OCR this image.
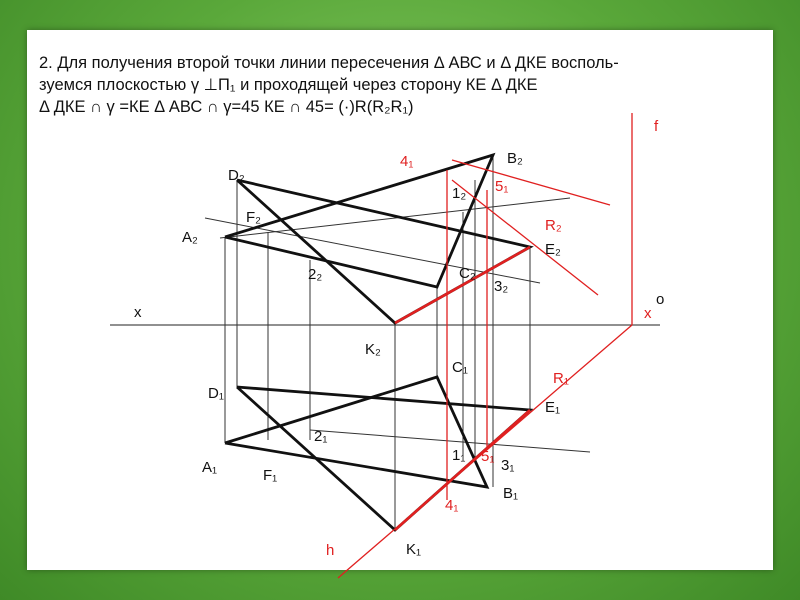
2. Для получения второй точки линии пересечения Δ АВС и Δ ДКЕ восполь-
зуемся плоскостью γ ⊥П₁ и проходящей через сторону КЕ Δ ДКЕ
Δ ДКЕ ∩ γ =КЕ Δ АВС ∩ γ=45 КЕ ∩ 45= (·)R(R₂R₁)
B₂
D₂
F₂
A₂
2₂
1₂
C₂
E₂
3₂
K₂
x
o
C₁
D₁
E₁
2₁
A₁	F₁
1₁
3₁
B₁
K₁
4₁
5₁
R₂
f
x
R₁
5₁
4₁
h
